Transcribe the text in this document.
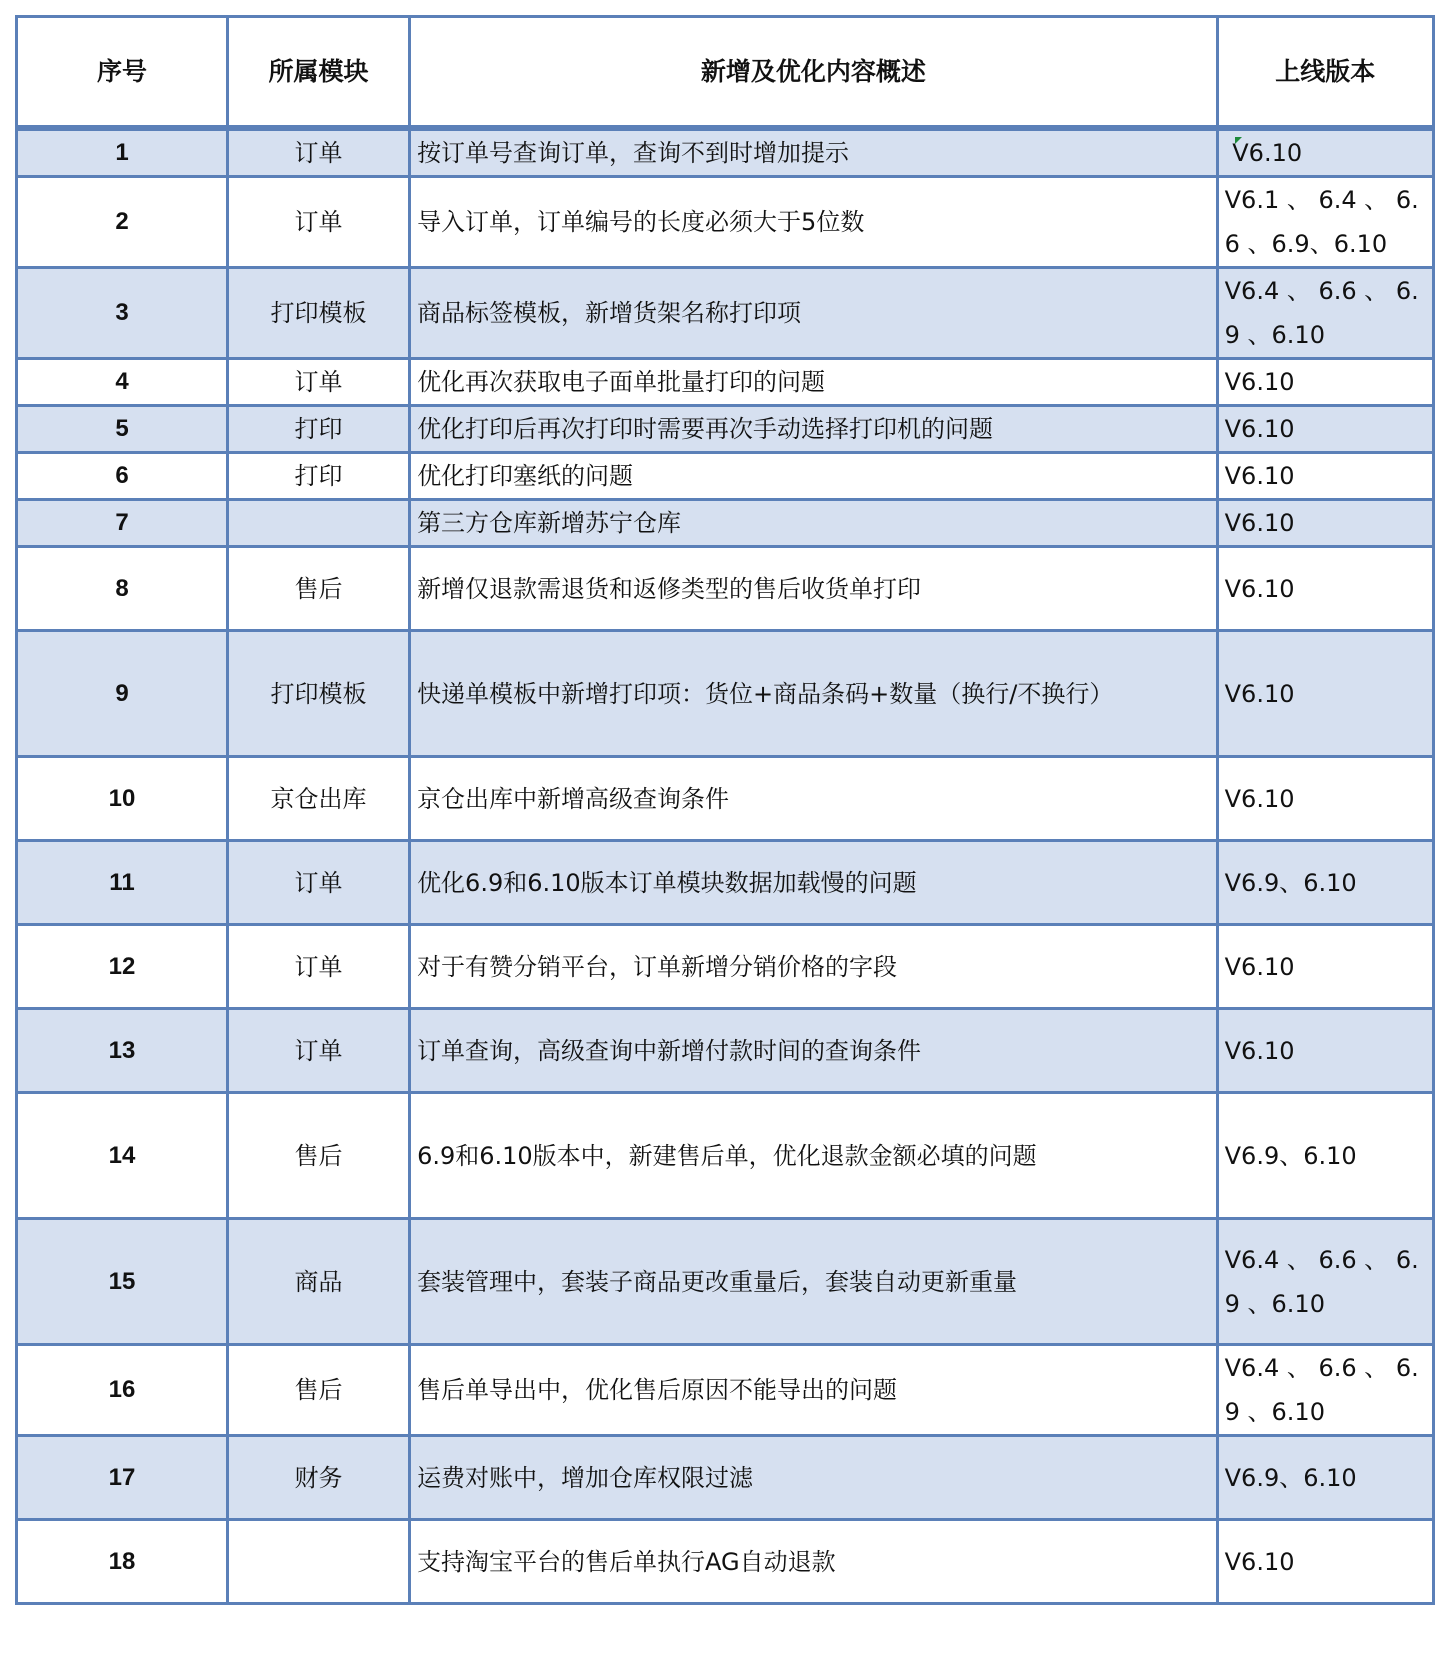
序号	所属模块	新增及优化内容概述	上线版本
1	订单	按订单号查询订单，查询不到时增加提示	V6.10
2	订单	导入订单，订单编号的长度必须大于5位数	V6.1 、 6.4 、 6.6 、6.9、6.10
3	打印模板	商品标签模板，新增货架名称打印项	V6.4 、 6.6 、 6.9 、6.10
4	订单	优化再次获取电子面单批量打印的问题	V6.10
5	打印	优化打印后再次打印时需要再次手动选择打印机的问题	V6.10
6	打印	优化打印塞纸的问题	V6.10
7		第三方仓库新增苏宁仓库	V6.10
8	售后	新增仅退款需退货和返修类型的售后收货单打印	V6.10
9	打印模板	快递单模板中新增打印项：货位+商品条码+数量（换行/不换行）	V6.10
10	京仓出库	京仓出库中新增高级查询条件	V6.10
11	订单	优化6.9和6.10版本订单模块数据加载慢的问题	V6.9、6.10
12	订单	对于有赞分销平台，订单新增分销价格的字段	V6.10
13	订单	订单查询，高级查询中新增付款时间的查询条件	V6.10
14	售后	6.9和6.10版本中，新建售后单，优化退款金额必填的问题	V6.9、6.10
15	商品	套装管理中，套装子商品更改重量后，套装自动更新重量	V6.4 、 6.6 、 6.9 、6.10
16	售后	售后单导出中，优化售后原因不能导出的问题	V6.4 、 6.6 、 6.9 、6.10
17	财务	运费对账中，增加仓库权限过滤	V6.9、6.10
18		支持淘宝平台的售后单执行AG自动退款	V6.10
